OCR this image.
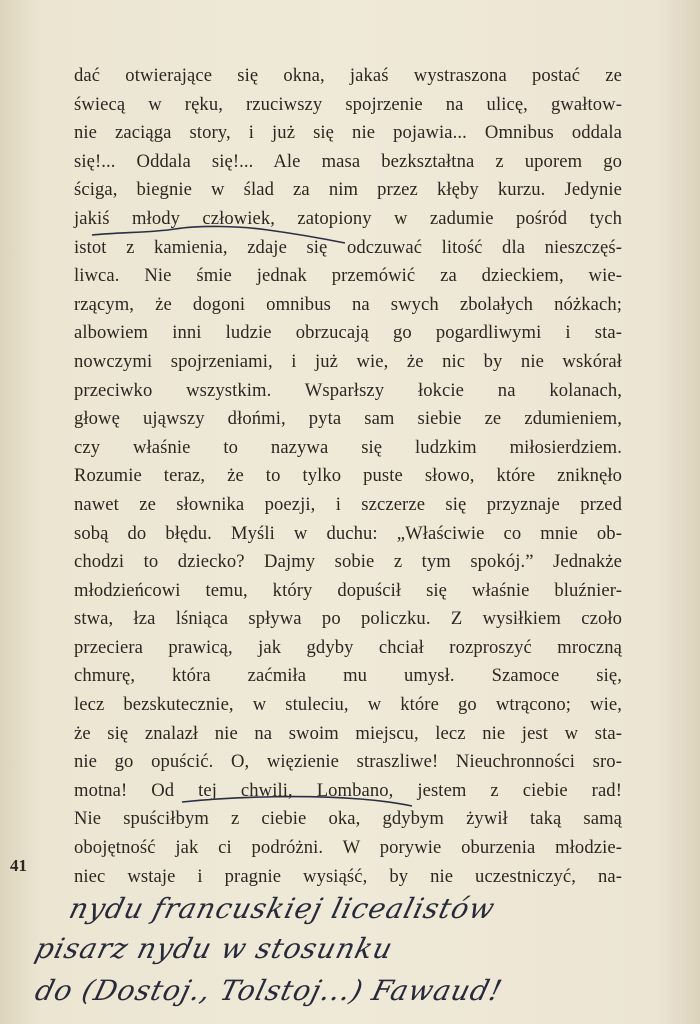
dać otwierające się okna, jakaś wystraszona postać ze
świecą w ręku, rzuciwszy spojrzenie na ulicę, gwałtow-
nie zaciąga story, i już się nie pojawia... Omnibus oddala
się!... Oddala się!... Ale masa bezkształtna z uporem go
ściga, biegnie w ślad za nim przez kłęby kurzu. Jedynie
jakiś młody człowiek, zatopiony w zadumie pośród tych
istot z kamienia, zdaje się odczuwać litość dla nieszczęś-
liwca. Nie śmie jednak przemówić za dzieckiem, wie-
rzącym, że dogoni omnibus na swych zbolałych nóżkach;
albowiem inni ludzie obrzucają go pogardliwymi i sta-
nowczymi spojrzeniami, i już wie, że nic by nie wskórał
przeciwko wszystkim. Wsparłszy łokcie na kolanach,
głowę ująwszy dłońmi, pyta sam siebie ze zdumieniem,
czy właśnie to nazywa się ludzkim miłosierdziem.
Rozumie teraz, że to tylko puste słowo, które zniknęło
nawet ze słownika poezji, i szczerze się przyznaje przed
sobą do błędu. Myśli w duchu: „Właściwie co mnie ob-
chodzi to dziecko? Dajmy sobie z tym spokój.” Jednakże
młodzieńcowi temu, który dopuścił się właśnie bluźnier-
stwa, łza lśniąca spływa po policzku. Z wysiłkiem czoło
przeciera prawicą, jak gdyby chciał rozproszyć mroczną
chmurę, która zaćmiła mu umysł. Szamoce się,
lecz bezskutecznie, w stuleciu, w które go wtrącono; wie,
że się znalazł nie na swoim miejscu, lecz nie jest w sta-
nie go opuścić. O, więzienie straszliwe! Nieuchronności sro-
motna! Od tej chwili, Lombano, jestem z ciebie rad!
Nie spuściłbym z ciebie oka, gdybym żywił taką samą
obojętność jak ci podróżni. W porywie oburzenia młodzie-
niec wstaje i pragnie wysiąść, by nie uczestniczyć, na-
41
nydu francuskiej licealistów
pisarz nydu w stosunku
do (Dostoj., Tolstoj...) Fawaud!
